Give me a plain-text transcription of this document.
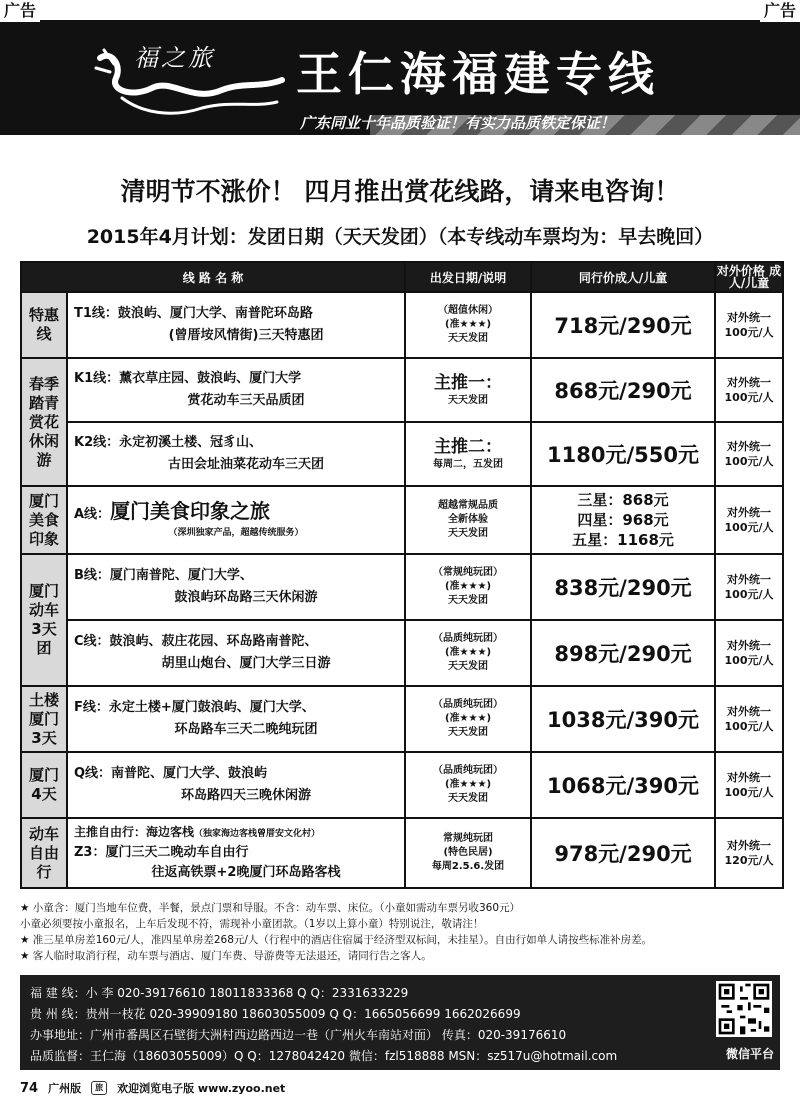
广告	广告
福之旅 王仁海福建专线
广东同业十年品质验证！有实力品质铁定保证！
清明节不涨价！ 四月推出赏花线路，请来电咨询！
2015年4月计划：发团日期（天天发团）（本专线动车票均为：早去晚回）
线 路 名 称		出发日期/说明	同行价成人/儿童	对外价格 成人/儿童
特惠线	T1线：鼓浪屿、厦门大学、南普陀环岛路
(曾厝垵风情街)三天特惠团	（超值休闲）
(准★★★)
天天发团	718元/290元	对外统一
100元/人

春季踏青赏花休闲游	K1线：薰衣草庄园、鼓浪屿、厦门大学
赏花动车三天品质团	主推一：
天天发团	868元/290元	对外统一
100元/人

	K2线：永定初溪土楼、冠豸山、
古田会址油菜花动车三天团	主推二：
每周二，五发团	1180元/550元	对外统一
100元/人

厦门美食印象	A线：厦门美食印象之旅
（深圳独家产品，超越传统服务）	超越常规品质
全新体验
天天发团	三星：868元
四星：968元
五星：1168元	对外统一
100元/人

厦门动车3天团	B线：厦门南普陀、厦门大学、
鼓浪屿环岛路三天休闲游	（常规纯玩团）
(准★★★)
天天发团	838元/290元	对外统一
100元/人

	C线：鼓浪屿、菽庄花园、环岛路南普陀、
胡里山炮台、厦门大学三日游	（品质纯玩团）
(准★★★)
天天发团	898元/290元	对外统一
100元/人

土楼厦门3天	F线：永定土楼+厦门鼓浪屿、厦门大学、
环岛路车三天二晚纯玩团	（品质纯玩团）
(准★★★)
天天发团	1038元/390元	对外统一
100元/人

厦门4天	Q线：南普陀、厦门大学、鼓浪屿
环岛路四天三晚休闲游	（品质纯玩团）
(准★★★)
天天发团	1068元/390元	对外统一
100元/人

动车自由行	主推自由行：海边客栈（独家海边客栈曾厝安文化村）
Z3：厦门三天二晚动车自由行
往返高铁票+2晚厦门环岛路客栈	常规纯玩团
(特色民居)
每周2.5.6.发团	978元/290元	对外统一
120元/人

★ 小童含：厦门当地车位费，半餐，景点门票和导服。不含：动车票、床位。（小童如需动车票另收360元）

小童必须要按小童报名，上车后发现不符，需现补小童团款。（1岁以上算小童）特别说注，敬请注！

★ 准三星单房差160元/人，准四星单房差268元/人（行程中的酒店住宿属于经济型双标间，未挂星）。自由行如单人请按些标准补房差。

★ 客人临时取消行程，动车票与酒店、厦门车费、导游费等无法退还，请同行告之客人。

福 建 线：小 李 020-39176610 18011833368 Q Q：2331633229

贵 州 线：贵州一枝花 020-39909180 18603055009 Q Q：1665056699 1662026699

办事地址：广州市番禺区石壁街大洲村西边路西边一巷（广州火车南站对面） 传真：020-39176610

品质监督：王仁海（18603055009）Q Q：1278042420 微信：fzl518888 MSN：sz517u@hotmail.com	微信平台
74 广州版	旅	欢迎浏览电子版 www.zyoo.net
